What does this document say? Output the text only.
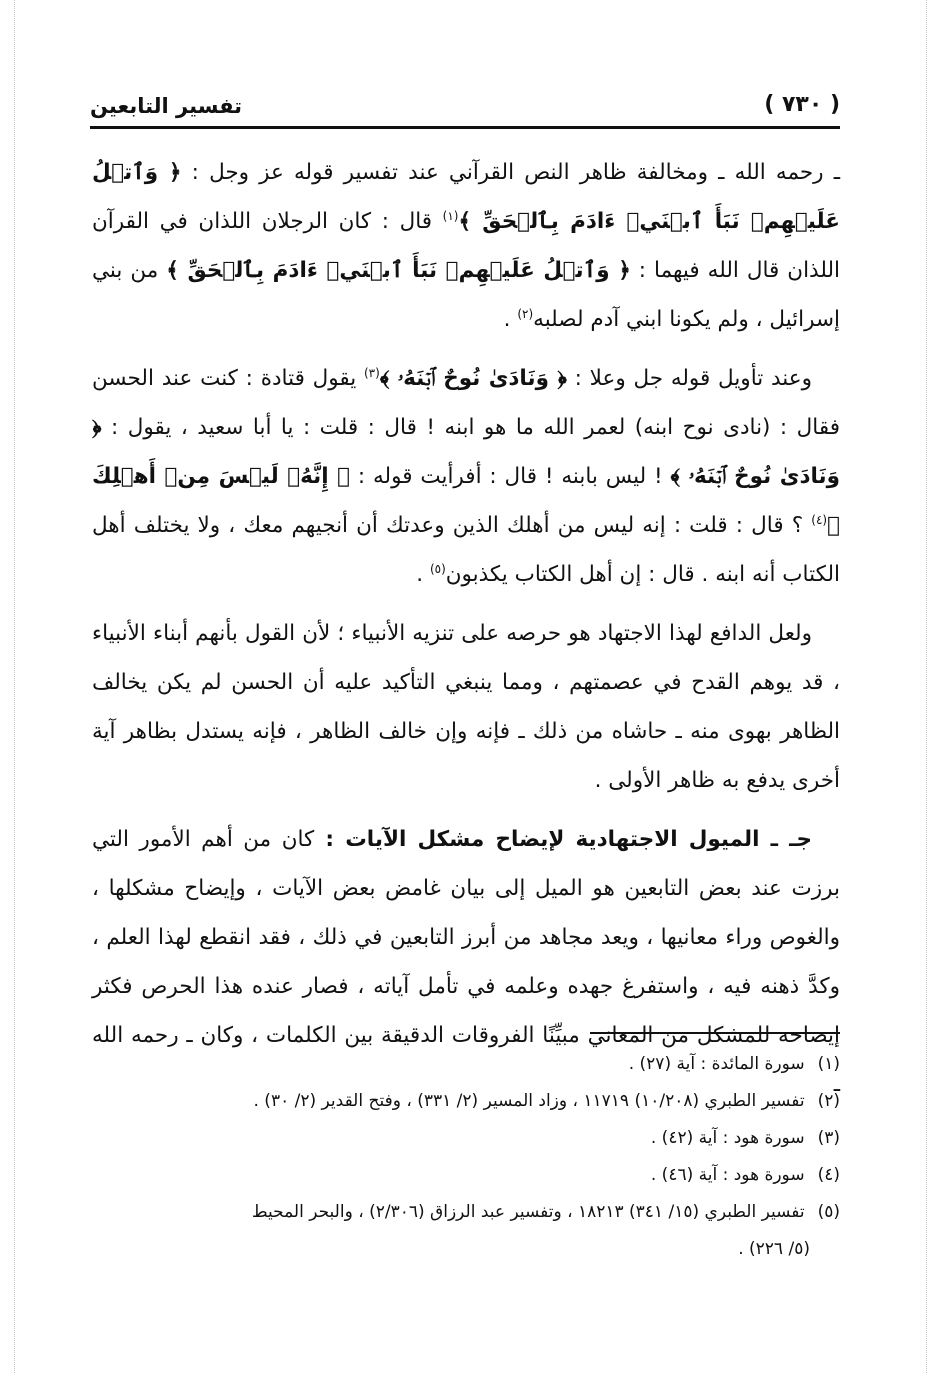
( ٧٣٠ )
تفسير التابعين

ـ رحمه الله ـ ومخالفة ظاهر النص القرآني عند تفسير قوله عز وجل : ﴿ وَٱتۡلُ عَلَيۡهِمۡ نَبَأَ ٱبۡنَيۡ ءَادَمَ بِٱلۡحَقِّ ﴾$^{(١)}$ قال : كان الرجلان اللذان في القرآن اللذان قال الله فيهما : ﴿ وَٱتۡلُ عَلَيۡهِمۡ نَبَأَ ٱبۡنَيۡ ءَادَمَ بِٱلۡحَقِّ ﴾ من بني إسرائيل ، ولم يكونا ابني آدم لصلبه$^{(٢)}$ .

وعند تأويل قوله جل وعلا : ﴿ وَنَادَىٰ نُوحٌ ٱبۡنَهُۥ ﴾$^{(٣)}$ يقول قتادة : كنت عند الحسن فقال : (نادى نوح ابنه) لعمر الله ما هو ابنه ! قال : قلت : يا أبا سعيد ، يقول : ﴿ وَنَادَىٰ نُوحٌ ٱبۡنَهُۥ ﴾ ! ليس بابنه ! قال : أفرأيت قوله : ﴿ إِنَّهُۥ لَيۡسَ مِنۡ أَهۡلِكَ ﴾$^{(٤)}$ ؟ قال : قلت : إنه ليس من أهلك الذين وعدتك أن أنجيهم معك ، ولا يختلف أهل الكتاب أنه ابنه . قال : إن أهل الكتاب يكذبون$^{(٥)}$ .

ولعل الدافع لهذا الاجتهاد هو حرصه على تنزيه الأنبياء ؛ لأن القول بأنهم أبناء الأنبياء ، قد يوهم القدح في عصمتهم ، ومما ينبغي التأكيد عليه أن الحسن لم يكن يخالف الظاهر بهوى منه ـ حاشاه من ذلك ـ فإنه وإن خالف الظاهر ، فإنه يستدل بظاهر آية أخرى يدفع به ظاهر الأولى .

جـ ـ الميول الاجتهادية لإيضاح مشكل الآيات : كان من أهم الأمور التي برزت عند بعض التابعين هو الميل إلى بيان غامض بعض الآيات ، وإيضاح مشكلها ، والغوص وراء معانيها ، ويعد مجاهد من أبرز التابعين في ذلك ، فقد انقطع لهذا العلم ، وكدَّ ذهنه فيه ، واستفرغ جهده وعلمه في تأمل آياته ، فصار عنده هذا الحرص فكثر إيضاحه للمشكل من المعاني مبيِّنًا الفروقات الدقيقة بين الكلمات ، وكان ـ رحمه الله ـ

(١) سورة المائدة : آية (٢٧) .
(٢) تفسير الطبري (١٠/٢٠٨) ١١٧١٩ ، وزاد المسير (٢/ ٣٣١) ، وفتح القدير (٢/ ٣٠) .
(٣) سورة هود : آية (٤٢) .
(٤) سورة هود : آية (٤٦) .
(٥) تفسير الطبري (١٥/ ٣٤١) ١٨٢١٣ ، وتفسير عبد الرزاق (٢/٣٠٦) ، والبحر المحيط
(٥/ ٢٢٦) .
